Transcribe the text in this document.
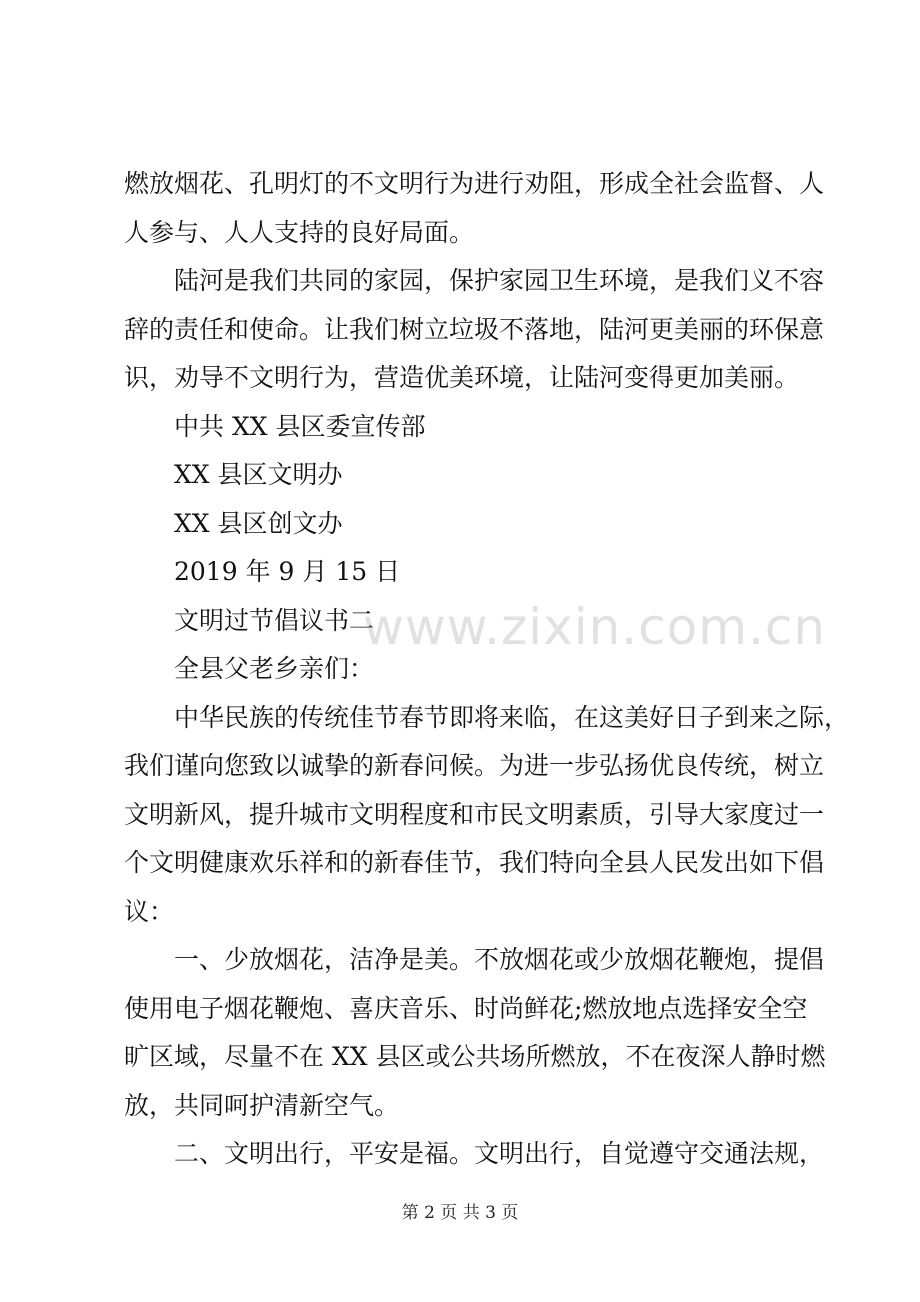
燃放烟花、孔明灯的不文明行为进行劝阻，形成全社会监督、人
人参与、人人支持的良好局面。
陆河是我们共同的家园，保护家园卫生环境，是我们义不容
辞的责任和使命。让我们树立垃圾不落地，陆河更美丽的环保意
识，劝导不文明行为，营造优美环境，让陆河变得更加美丽。
中共 XX 县区委宣传部
XX 县区文明办
XX 县区创文办
2019 年 9 月 15 日
文明过节倡议书二
全县父老乡亲们：
中华民族的传统佳节春节即将来临，在这美好日子到来之际，
我们谨向您致以诚挚的新春问候。为进一步弘扬优良传统，树立
文明新风，提升城市文明程度和市民文明素质，引导大家度过一
个文明健康欢乐祥和的新春佳节，我们特向全县人民发出如下倡
议：
一、少放烟花，洁净是美。不放烟花或少放烟花鞭炮，提倡
使用电子烟花鞭炮、喜庆音乐、时尚鲜花;燃放地点选择安全空
旷区域，尽量不在 XX 县区或公共场所燃放，不在夜深人静时燃
放，共同呵护清新空气。
二、文明出行，平安是福。文明出行，自觉遵守交通法规，
www.zixin.com.cn
第 2 页 共 3 页
